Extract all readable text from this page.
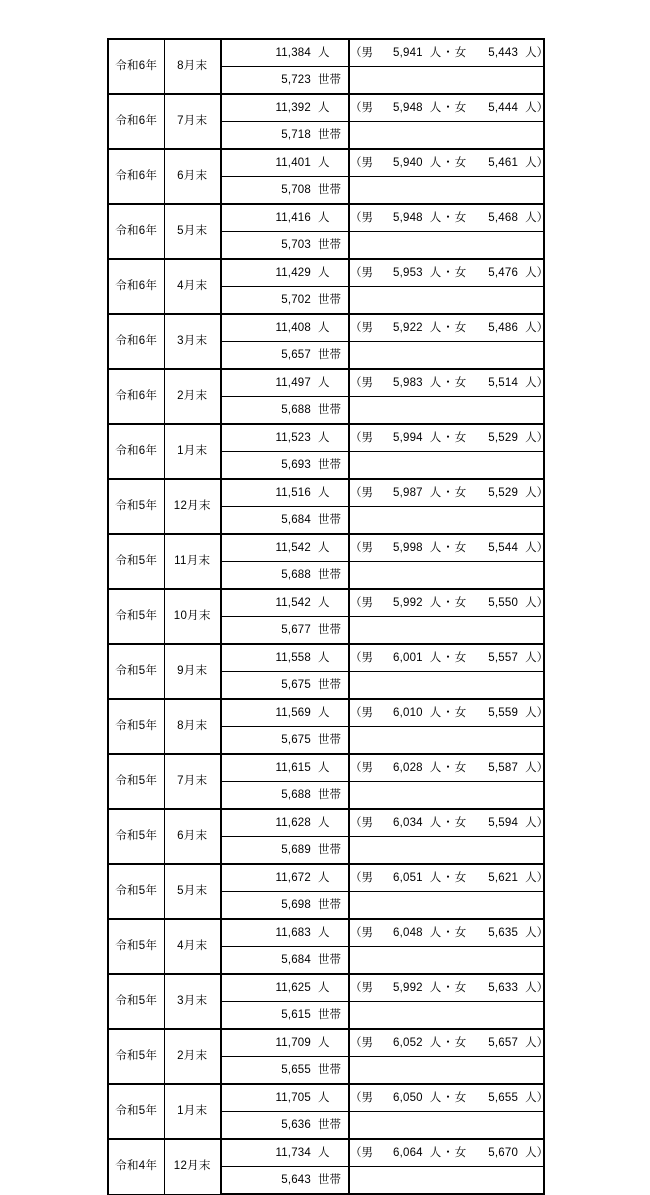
令和6年	8月末	11,384 人	（ 男	5,941 人 ・ 女	5,443 人 ）

		5,723 世帯	
令和6年	7月末	11,392 人	（ 男	5,948 人 ・ 女	5,444 人 ）

		5,718 世帯	
令和6年	6月末	11,401 人	（ 男	5,940 人 ・ 女	5,461 人 ）

		5,708 世帯	
令和6年	5月末	11,416 人	（ 男	5,948 人 ・ 女	5,468 人 ）

		5,703 世帯	
令和6年	4月末	11,429 人	（ 男	5,953 人 ・ 女	5,476 人 ）

		5,702 世帯	
令和6年	3月末	11,408 人	（ 男	5,922 人 ・ 女	5,486 人 ）

		5,657 世帯	
令和6年	2月末	11,497 人	（ 男	5,983 人 ・ 女	5,514 人 ）

		5,688 世帯	
令和6年	1月末	11,523 人	（ 男	5,994 人 ・ 女	5,529 人 ）

		5,693 世帯	
令和5年	12月末	11,516 人	（ 男	5,987 人 ・ 女	5,529 人 ）

		5,684 世帯	
令和5年	11月末	11,542 人	（ 男	5,998 人 ・ 女	5,544 人 ）

		5,688 世帯	
令和5年	10月末	11,542 人	（ 男	5,992 人 ・ 女	5,550 人 ）

		5,677 世帯	
令和5年	9月末	11,558 人	（ 男	6,001 人 ・ 女	5,557 人 ）

		5,675 世帯	
令和5年	8月末	11,569 人	（ 男	6,010 人 ・ 女	5,559 人 ）

		5,675 世帯	
令和5年	7月末	11,615 人	（ 男	6,028 人 ・ 女	5,587 人 ）

		5,688 世帯	
令和5年	6月末	11,628 人	（ 男	6,034 人 ・ 女	5,594 人 ）

		5,689 世帯	
令和5年	5月末	11,672 人	（ 男	6,051 人 ・ 女	5,621 人 ）

		5,698 世帯	
令和5年	4月末	11,683 人	（ 男	6,048 人 ・ 女	5,635 人 ）

		5,684 世帯	
令和5年	3月末	11,625 人	（ 男	5,992 人 ・ 女	5,633 人 ）

		5,615 世帯	
令和5年	2月末	11,709 人	（ 男	6,052 人 ・ 女	5,657 人 ）

		5,655 世帯	
令和5年	1月末	11,705 人	（ 男	6,050 人 ・ 女	5,655 人 ）

		5,636 世帯	
令和4年	12月末	11,734 人	（ 男	6,064 人 ・ 女	5,670 人 ）

		5,643 世帯	
